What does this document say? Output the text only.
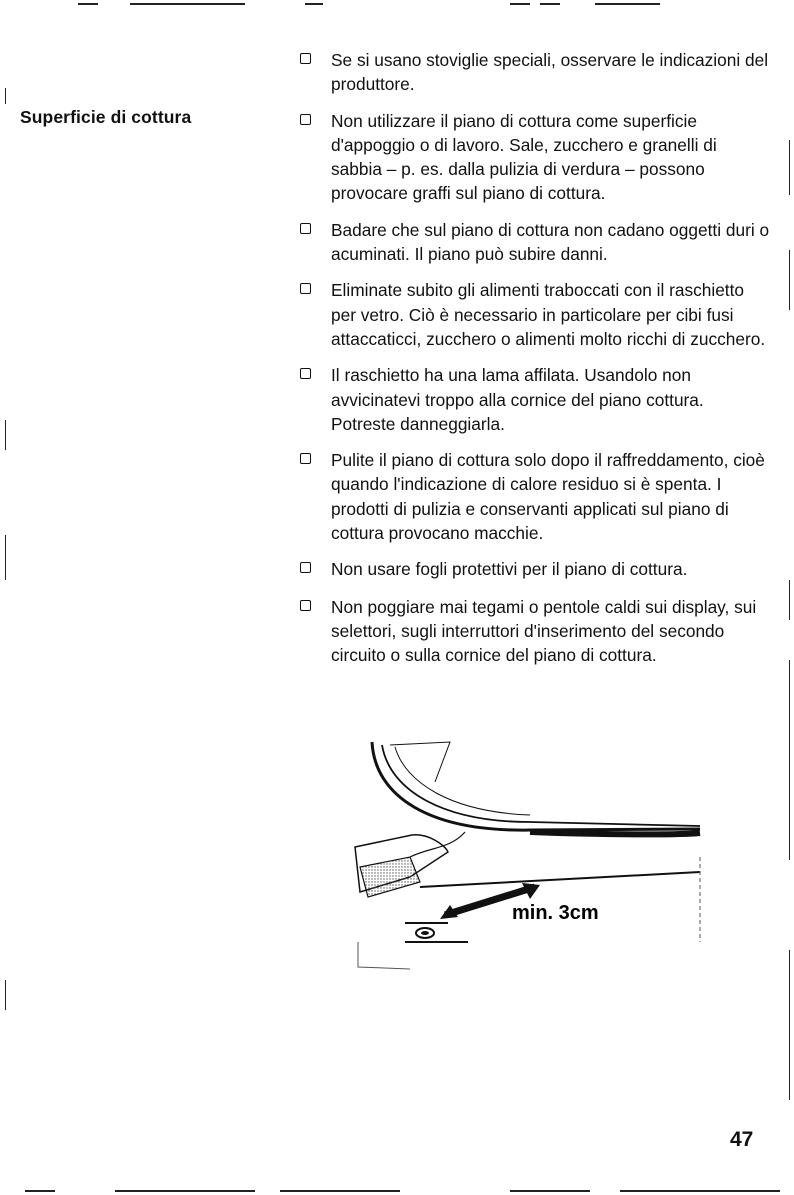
Superficie di cottura
Se si usano stoviglie speciali, osservare le indicazioni del produttore.
Non utilizzare il piano di cottura come superficie d'appoggio o di lavoro. Sale, zucchero e granelli di sabbia – p. es. dalla pulizia di verdura – possono provocare graffi sul piano di cottura.
Badare che sul piano di cottura non cadano oggetti duri o acuminati. Il piano può subire danni.
Eliminate subito gli alimenti traboccati con il raschietto per vetro. Ciò è necessario in particolare per cibi fusi attaccaticci, zucchero o alimenti molto ricchi di zucchero.
Il raschietto ha una lama affilata. Usandolo non avvicinatevi troppo alla cornice del piano cottura. Potreste danneggiarla.
Pulite il piano di cottura solo dopo il raffreddamento, cioè quando l'indicazione di calore residuo si è spenta. I prodotti di pulizia e conservanti applicati sul piano di cottura provocano macchie.
Non usare fogli protettivi per il piano di cottura.
Non poggiare mai tegami o pentole caldi sui display, sui selettori, sugli interruttori d'inserimento del secondo circuito o sulla cornice del piano di cottura.
min. 3cm
47
